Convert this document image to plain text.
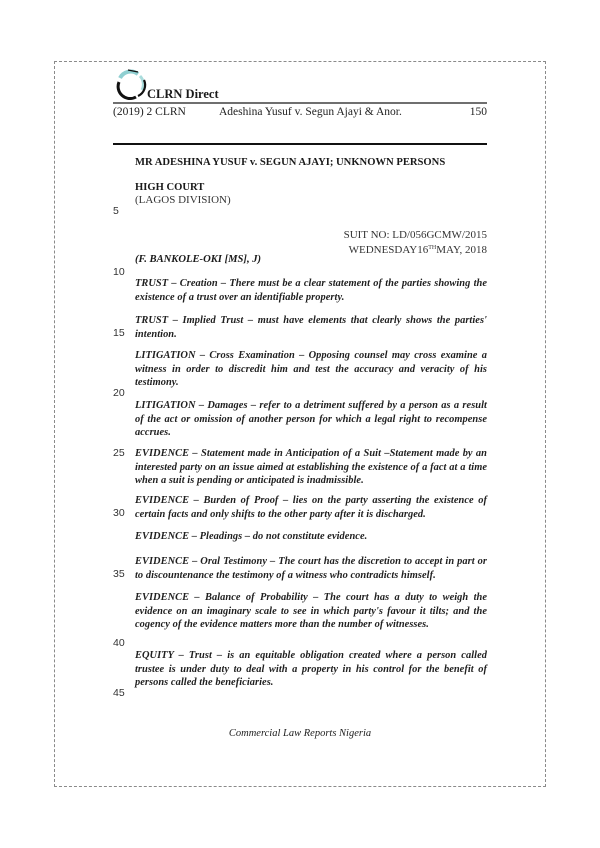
CLRN Direct
(2019) 2 CLRN	Adeshina Yusuf v. Segun Ajayi & Anor.	150
MR ADESHINA YUSUF v. SEGUN AJAYI; UNKNOWN PERSONS
HIGH COURT
(LAGOS DIVISION)
SUIT NO: LD/056GCMW/2015
WEDNESDAY16THMAY, 2018
(F. BANKOLE-OKI [MS], J)
TRUST – Creation – There must be a clear statement of the parties showing the existence of a trust over an identifiable property.
TRUST – Implied Trust – must have elements that clearly shows the parties' intention.
LITIGATION – Cross Examination – Opposing counsel may cross examine a witness in order to discredit him and test the accuracy and veracity of his testimony.
LITIGATION – Damages – refer to a detriment suffered by a person as a result of the act or omission of another person for which a legal right to recompense accrues.
EVIDENCE – Statement made in Anticipation of a Suit –Statement made by an interested party on an issue aimed at establishing the existence of a fact at a time when a suit is pending or anticipated is inadmissible.
EVIDENCE – Burden of Proof – lies on the party asserting the existence of certain facts and only shifts to the other party after it is discharged.
EVIDENCE – Pleadings – do not constitute evidence.
EVIDENCE – Oral Testimony – The court has the discretion to accept in part or to discountenance the testimony of a witness who contradicts himself.
EVIDENCE – Balance of Probability – The court has a duty to weigh the evidence on an imaginary scale to see in which party's favour it tilts; and the cogency of the evidence matters more than the number of witnesses.
EQUITY – Trust – is an equitable obligation created where a person called trustee is under duty to deal with a property in his control for the benefit of persons called the beneficiaries.
5
10
15
20
25
30
35
40
45
Commercial Law Reports Nigeria
